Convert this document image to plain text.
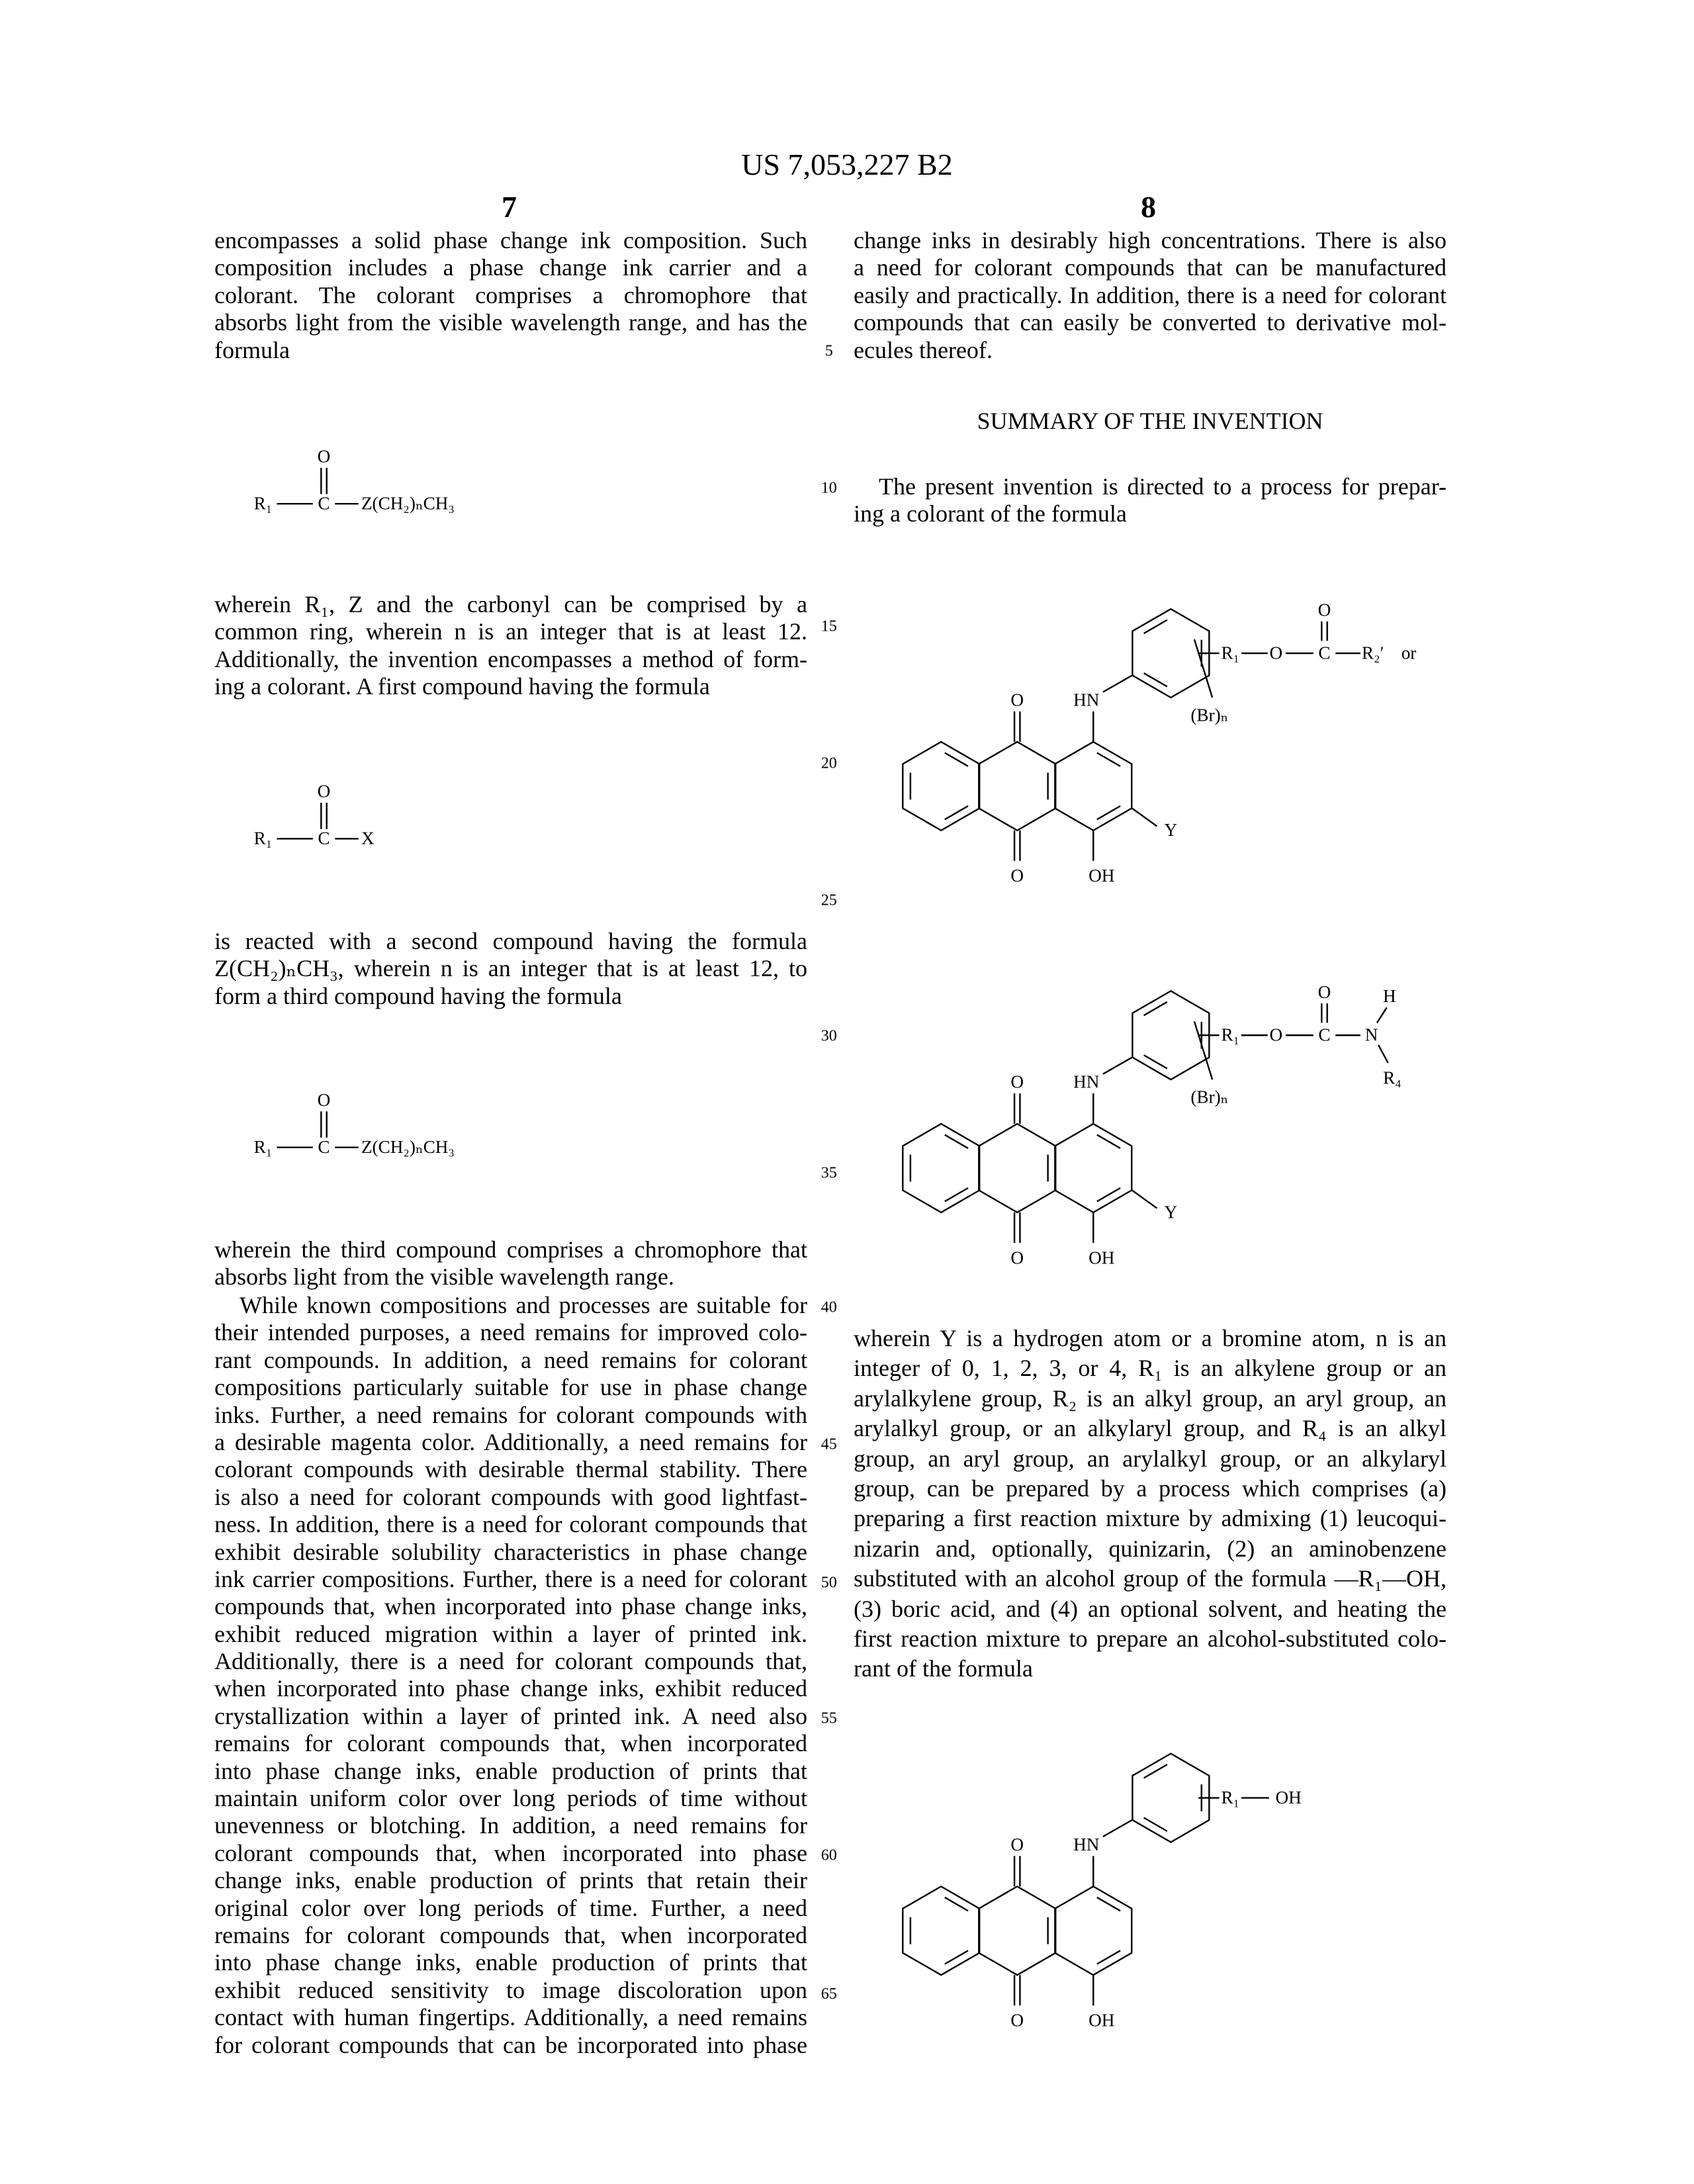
US 7,053,227 B2
7	8
SUMMARY OF THE INVENTION
encompasses a solid phase change ink composition. Such
composition includes a phase change ink carrier and a
colorant. The colorant comprises a chromophore that
absorbs light from the visible wavelength range, and has the
formula
wherein R₁, Z and the carbonyl can be comprised by a
common ring, wherein n is an integer that is at least 12.
Additionally, the invention encompasses a method of form-
ing a colorant. A first compound having the formula
is reacted with a second compound having the formula
Z(CH₂)ₙCH₃, wherein n is an integer that is at least 12, to
form a third compound having the formula
wherein the third compound comprises a chromophore that
absorbs light from the visible wavelength range.
While known compositions and processes are suitable for
their intended purposes, a need remains for improved colo-
rant compounds. In addition, a need remains for colorant
compositions particularly suitable for use in phase change
inks. Further, a need remains for colorant compounds with
a desirable magenta color. Additionally, a need remains for
colorant compounds with desirable thermal stability. There
is also a need for colorant compounds with good lightfast-
ness. In addition, there is a need for colorant compounds that
exhibit desirable solubility characteristics in phase change
ink carrier compositions. Further, there is a need for colorant
compounds that, when incorporated into phase change inks,
exhibit reduced migration within a layer of printed ink.
Additionally, there is a need for colorant compounds that,
when incorporated into phase change inks, exhibit reduced
crystallization within a layer of printed ink. A need also
remains for colorant compounds that, when incorporated
into phase change inks, enable production of prints that
maintain uniform color over long periods of time without
unevenness or blotching. In addition, a need remains for
colorant compounds that, when incorporated into phase
change inks, enable production of prints that retain their
original color over long periods of time. Further, a need
remains for colorant compounds that, when incorporated
into phase change inks, enable production of prints that
exhibit reduced sensitivity to image discoloration upon
contact with human fingertips. Additionally, a need remains
for colorant compounds that can be incorporated into phase
change inks in desirably high concentrations. There is also
a need for colorant compounds that can be manufactured
easily and practically. In addition, there is a need for colorant
compounds that can easily be converted to derivative mol-
ecules thereof.
The present invention is directed to a process for prepar-
ing a colorant of the formula
wherein Y is a hydrogen atom or a bromine atom, n is an
integer of 0, 1, 2, 3, or 4, R₁ is an alkylene group or an
arylalkylene group, R₂ is an alkyl group, an aryl group, an
arylalkyl group, or an alkylaryl group, and R₄ is an alkyl
group, an aryl group, an arylalkyl group, or an alkylaryl
group, can be prepared by a process which comprises (a)
preparing a first reaction mixture by admixing (1) leucoqui-
nizarin and, optionally, quinizarin, (2) an aminobenzene
substituted with an alcohol group of the formula —R₁—OH,
(3) boric acid, and (4) an optional solvent, and heating the
first reaction mixture to prepare an alcohol-substituted colo-
rant of the formula
5
10
15
20
25
30
35
40
45
50
55
60
65
O
R₁	C	Z(CH₂)ₙCH₃
O
R₁	C	X
O
R₁	C	Z(CH₂)ₙCH₃
O
O
HN
OH
Y
(Br)ₙ
R₁	O	C
O
R₂′ or
O
O
HN
OH
Y
(Br)ₙ
R₁	O	C
O
N
H
R₄
O
O
HN
OH
R₁	OH
